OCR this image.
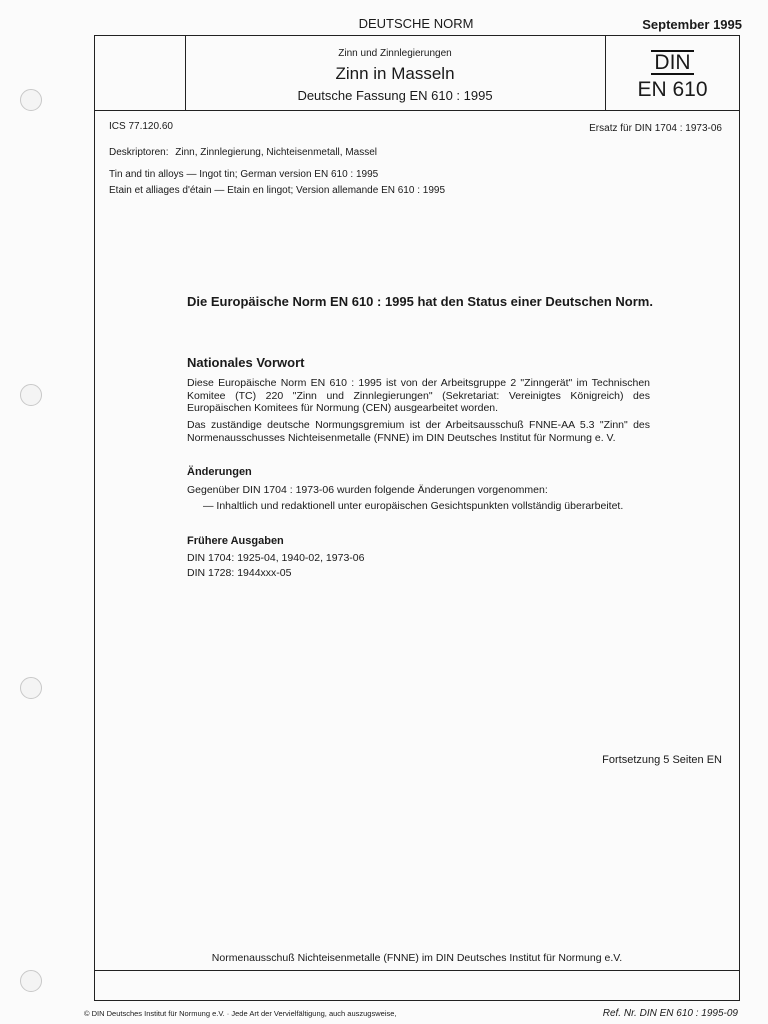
DEUTSCHE NORM	September 1995
Zinn und Zinnlegierungen
Zinn in Masseln
Deutsche Fassung EN 610 : 1995
DIN
EN 610
ICS 77.120.60	Ersatz für DIN 1704 : 1973-06
Deskriptoren: Zinn, Zinnlegierung, Nichteisenmetall, Massel
Tin and tin alloys — Ingot tin; German version EN 610 : 1995
Etain et alliages d'étain — Etain en lingot; Version allemande EN 610 : 1995
Die Europäische Norm EN 610 : 1995 hat den Status einer Deutschen Norm.
Nationales Vorwort
Diese Europäische Norm EN 610 : 1995 ist von der Arbeitsgruppe 2 "Zinngerät" im Technischen Komitee (TC) 220 "Zinn und Zinnlegierungen" (Sekretariat: Vereinigtes Königreich) des Europäischen Komitees für Normung (CEN) ausgearbeitet worden.
Das zuständige deutsche Normungsgremium ist der Arbeitsausschuß FNNE-AA 5.3 "Zinn" des Normenausschusses Nichteisenmetalle (FNNE) im DIN Deutsches Institut für Normung e. V.
Änderungen
Gegenüber DIN 1704 : 1973-06 wurden folgende Änderungen vorgenommen:
— Inhaltlich und redaktionell unter europäischen Gesichtspunkten vollständig überarbeitet.
Frühere Ausgaben
DIN 1704: 1925-04, 1940-02, 1973-06
DIN 1728: 1944xxx-05
Fortsetzung 5 Seiten EN
Normenausschuß Nichteisenmetalle (FNNE) im DIN Deutsches Institut für Normung e.V.
© DIN Deutsches Institut für Normung e.V. · Jede Art der Vervielfältigung, auch auszugsweise,	Ref. Nr. DIN EN 610 : 1995-09
